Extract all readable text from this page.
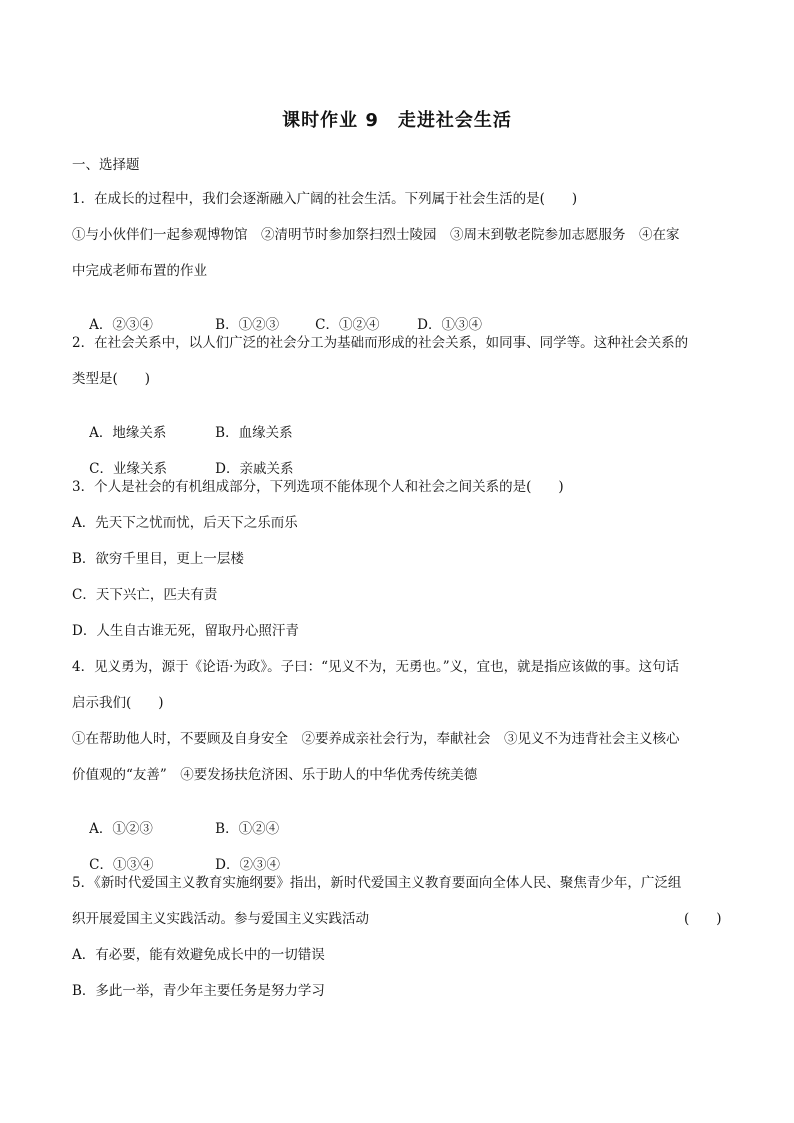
课时作业 9　走进社会生活
一、选择题
1．在成长的过程中，我们会逐渐融入广阔的社会生活。下列属于社会生活的是(　　)
①与小伙伴们一起参观博物馆　②清明节时参加祭扫烈士陵园　③周末到敬老院参加志愿服务　④在家
中完成老师布置的作业

A．②③④	B．①②③	C．①②④	D．①③④

2．在社会关系中，以人们广泛的社会分工为基础而形成的社会关系，如同事、同学等。这种社会关系的
类型是(　　)

A．地缘关系	B．血缘关系

C．业缘关系	D．亲戚关系

3．个人是社会的有机组成部分，下列选项不能体现个人和社会之间关系的是(　　)
A．先天下之忧而忧，后天下之乐而乐
B．欲穷千里目，更上一层楼
C．天下兴亡，匹夫有责
D．人生自古谁无死，留取丹心照汗青
4．见义勇为，源于《论语·为政》。子曰：“见义不为，无勇也。”义，宜也，就是指应该做的事。这句话
启示我们(　　)
①在帮助他人时，不要顾及自身安全　②要养成亲社会行为，奉献社会　③见义不为违背社会主义核心
价值观的“友善”　④要发扬扶危济困、乐于助人的中华优秀传统美德

A．①②③	B．①②④

C．①③④	D．②③④

5．《新时代爱国主义教育实施纲要》指出，新时代爱国主义教育要面向全体人民、聚焦青少年，广泛组
织开展爱国主义实践活动。参与爱国主义实践活动	(　　)
A．有必要，能有效避免成长中的一切错误
B．多此一举，青少年主要任务是努力学习
